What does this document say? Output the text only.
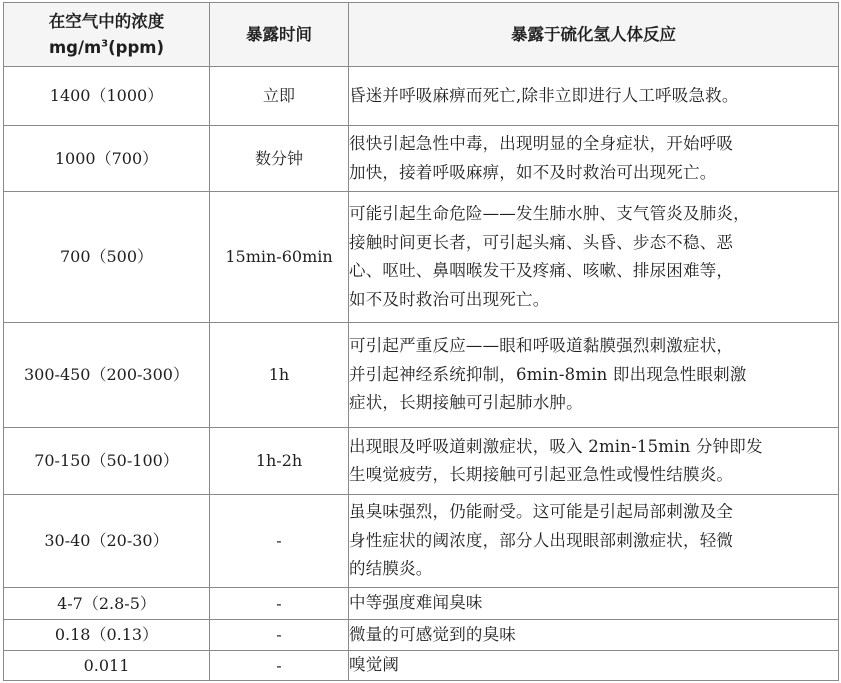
在空气中的浓度
$mg/m^3(ppm)$	暴露时间	暴露于硫化氢人体反应
1400（1000）	立即	昏迷并呼吸麻痹而死亡,除非立即进行人工呼吸急救。

1000（700）	数分钟	很快引起急性中毒，出现明显的全身症状，开始呼吸
加快，接着呼吸麻痹，如不及时救治可出现死亡。

700（500）	15min-60min	可能引起生命危险——发生肺水肿、支气管炎及肺炎，
接触时间更长者，可引起头痛、头昏、步态不稳、恶
心、呕吐、鼻咽喉发干及疼痛、咳嗽、排尿困难等，
如不及时救治可出现死亡。

300-450（200-300）	1h	可引起严重反应——眼和呼吸道黏膜强烈刺激症状，
并引起神经系统抑制，6min-8min 即出现急性眼刺激
症状，长期接触可引起肺水肿。

70-150（50-100）	1h-2h	出现眼及呼吸道刺激症状，吸入 2min-15min 分钟即发
生嗅觉疲劳，长期接触可引起亚急性或慢性结膜炎。

30-40（20-30）	-	虽臭味强烈，仍能耐受。这可能是引起局部刺激及全
身性症状的阈浓度，部分人出现眼部刺激症状，轻微
的结膜炎。

4-7（2.8-5）	-	中等强度难闻臭味

0.18（0.13）	-	微量的可感觉到的臭味

0.011	-	嗅觉阈
